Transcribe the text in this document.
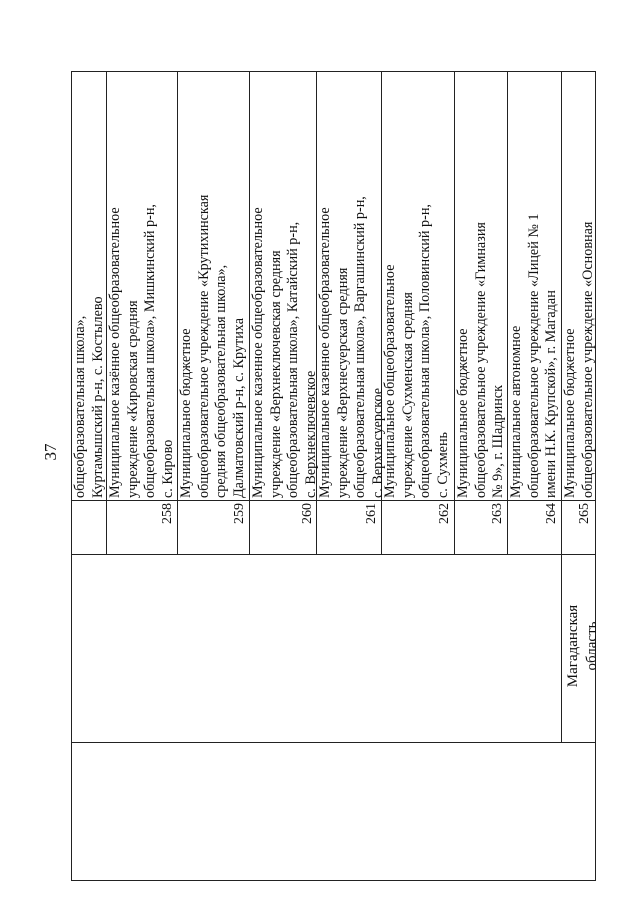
37
Магаданская область
общеобразовательная школа», Куртамышский р-н, с. Костылево
258
Муниципальное казённое общеобразовательное учреждение «Кировская средняя общеобразовательная школа», Мишкинский р-н, с. Кирово
259
Муниципальное бюджетное общеобразовательное учреждение «Крутихинская средняя общеобразовательная школа», Далматовский р-н, с. Крутиха
260
Муниципальное казенное общеобразовательное учреждение «Верхнеключевская средняя общеобразовательная школа», Катайский р-н, с. Верхнеключевское
261
Муниципальное казенное общеобразовательное учреждение «Верхнесуерская средняя общеобразовательная школа», Варгашинский р-н, с. Верхнесуерское
262
Муниципальное общеобразовательное учреждение «Сухменская средняя общеобразовательная школа», Половинский р-н, с. Сухмень
263
Муниципальное бюджетное общеобразовательное учреждение «Гимназия № 9», г. Шадринск
264
Муниципальное автономное общеобразовательное учреждение «Лицей № 1 имени Н.К. Крупской», г. Магадан
265
Муниципальное бюджетное общеобразовательное учреждение «Основная
